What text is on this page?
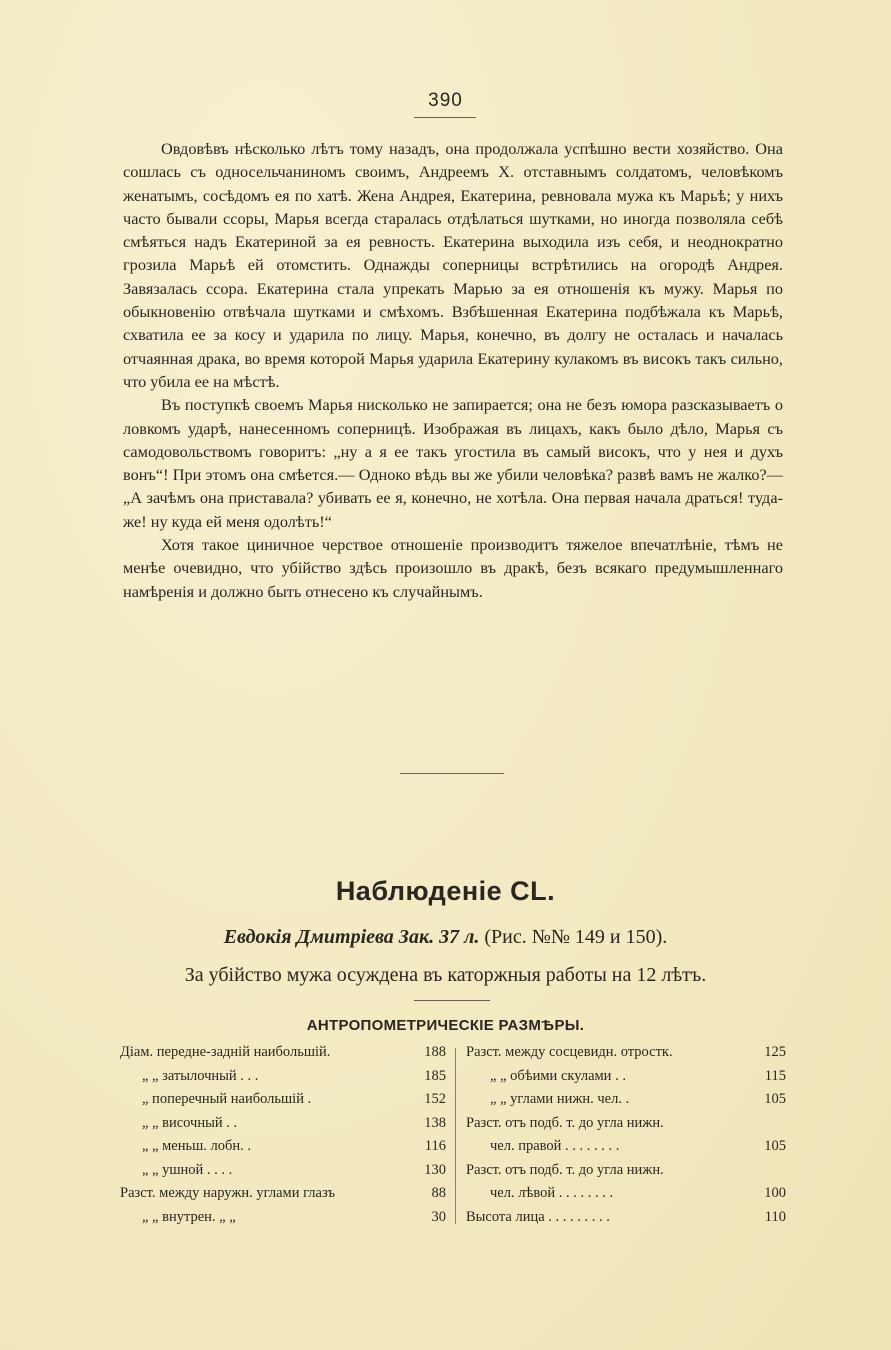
390

Овдовѣвъ нѣсколько лѣтъ тому назадъ, она продолжала успѣшно вести хозяйство. Она сошлась съ односельчаниномъ своимъ, Андреемъ Х. отставнымъ солдатомъ, человѣкомъ женатымъ, сосѣдомъ ея по хатѣ. Жена Андрея, Екатерина, ревновала мужа къ Марьѣ; у нихъ часто бывали ссоры, Марья всегда старалась отдѣлаться шутками, но иногда позволяла себѣ смѣяться надъ Екатериной за ея ревность. Екатерина выходила изъ себя, и неоднократно грозила Марьѣ ей отомстить. Однажды соперницы встрѣтились на огородѣ Андрея. Завязалась ссора. Екатерина стала упрекать Марью за ея отношенія къ мужу. Марья по обыкновенію отвѣчала шутками и смѣхомъ. Взбѣшенная Екатерина подбѣжала къ Марьѣ, схватила ее за косу и ударила по лицу. Марья, конечно, въ долгу не осталась и началась отчаянная драка, во время которой Марья ударила Екатерину кулакомъ въ високъ такъ сильно, что убила ее на мѣстѣ.

Въ поступкѣ своемъ Марья нисколько не запирается; она не безъ юмора разсказываетъ о ловкомъ ударѣ, нанесенномъ соперницѣ. Изображая въ лицахъ, какъ было дѣло, Марья съ самодовольствомъ говоритъ: „ну а я ее такъ угостила въ самый високъ, что у нея и духъ вонъ“! При этомъ она смѣется.— Одноко вѣдь вы же убили человѣка? развѣ вамъ не жалко?—„А зачѣмъ она приставала? убивать ее я, конечно, не хотѣла. Она первая начала драться! туда-же! ну куда ей меня одолѣть!“

Хотя такое циничное черствое отношеніе производитъ тяжелое впечатлѣніе, тѣмъ не менѣе очевидно, что убійство здѣсь произошло въ дракѣ, безъ всякаго предумышленнаго намѣренія и должно быть отнесено къ случайнымъ.

Наблюденіе CL.
Евдокія Дмитріева Зак. 37 л. (Рис. №№ 149 и 150).
За убійство мужа осуждена въ каторжныя работы на 12 лѣтъ.
АНТРОПОМЕТРИЧЕСКІЕ РАЗМѢРЫ.
Діам. передне-задній наибольшій.	188
„ „ затылочный . . .	185
„ поперечный наибольшій .	152
„ „ височный . .	138
„ „ меньш. лобн. .	116
„ „ ушной . . . .	130
Разст. между наружн. углами глазъ	88
„ „ внутрен. „ „	30
Разст. между сосцевидн. отростк.	125
„ „ обѣими скулами . .	115
„ „ углами нижн. чел. .	105
Разст. отъ подб. т. до угла нижн.
чел. правой . . . . . . . .	105
Разст. отъ подб. т. до угла нижн.
чел. лѣвой . . . . . . . .	100
Высота лица . . . . . . . . .	110
